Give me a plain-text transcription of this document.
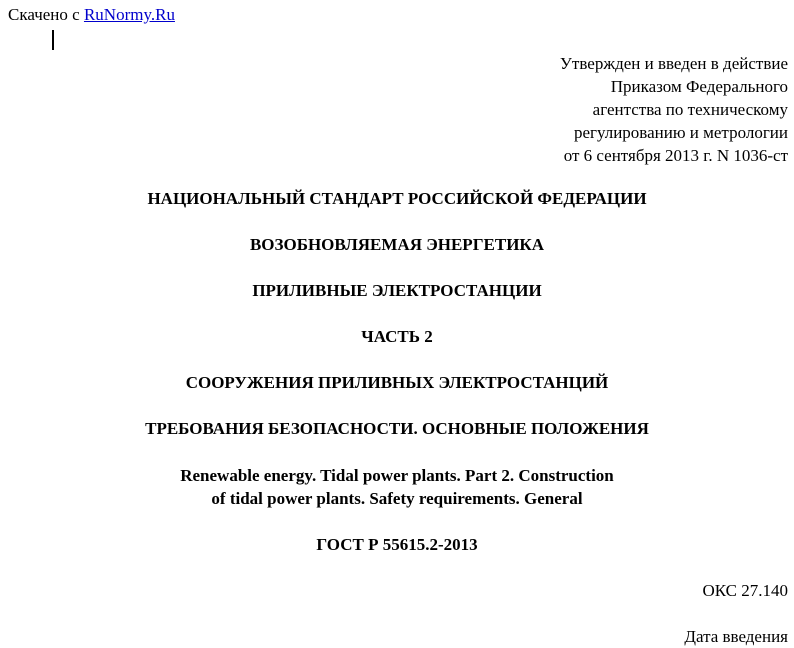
Скачено с RuNormy.Ru
Утвержден и введен в действие
Приказом Федерального
агентства по техническому
регулированию и метрологии
от 6 сентября 2013 г. N 1036-ст
НАЦИОНАЛЬНЫЙ СТАНДАРТ РОССИЙСКОЙ ФЕДЕРАЦИИ
ВОЗОБНОВЛЯЕМАЯ ЭНЕРГЕТИКА
ПРИЛИВНЫЕ ЭЛЕКТРОСТАНЦИИ
ЧАСТЬ 2
СООРУЖЕНИЯ ПРИЛИВНЫХ ЭЛЕКТРОСТАНЦИЙ
ТРЕБОВАНИЯ БЕЗОПАСНОСТИ. ОСНОВНЫЕ ПОЛОЖЕНИЯ
Renewable energy. Tidal power plants. Part 2. Construction
of tidal power plants. Safety requirements. General
ГОСТ Р 55615.2-2013
ОКС 27.140
Дата введения
